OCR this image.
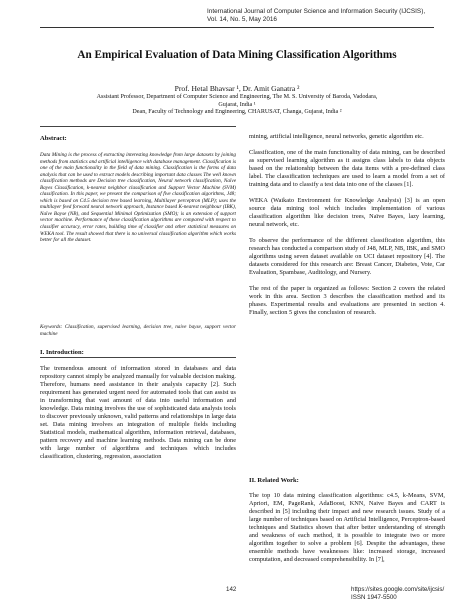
International Journal of Computer Science and Information Security (IJCSIS),
Vol. 14, No. 5, May 2016
An Empirical Evaluation of Data Mining Classification Algorithms
Prof. Hetal Bhavsar ¹, Dr. Amit Ganatra ²
Assistant Professor, Department of Computer Science and Engineering, The M. S. University of Baroda, Vadodara,
Gujarat, India ¹
Dean, Faculty of Technology and Engineering, CHARUSAT, Changa, Gujarat, India ²
Abstract:
Data Mining is the process of extracting interesting knowledge from large datasets by joining methods from statistics and artificial intelligence with database management. Classification is one of the main functionality in the field of data mining. Classification is the forms of data analysis that can be used to extract models describing important data classes The well known classification methods are Decision tree classification, Neural network classification, Naïve Bayes Classification, k-nearest neighbor classification and Support Vector Machine (SVM) classification. In this paper, we present the comparison of five classification algorithms, J48; which is based on C4.5 decision tree based learning, Multilayer perceptron (MLP); uses the multilayer feed forward neural network approach, Instance based K-nearest neighbour (IBK), Naïve Bayse (NB), and Sequential Minimal Optimization (SMO); is an extension of support vector machine. Performance of these classification algorithms are compared with respect to classifier accuracy, error rates, building time of classifier and other statistical measures on WEKA tool. The result showed that there is no universal classification algorithm which works better for all the dataset.
Keywords: Classification, supervised learning, decision tree, naive bayse, support vector machine
I. Introduction:

The tremendous amount of information stored in databases and data repository cannot simply be analyzed manually for valuable decision making. Therefore, humans need assistance in their analysis capacity [2]. Such requirement has generated urgent need for automated tools that can assist us in transforming that vast amount of data into useful information and knowledge. Data mining involves the use of sophisticated data analysis tools to discover previously unknown, valid patterns and relationships in large data set. Data mining involves an integration of multiple fields including Statistical models, mathematical algorithm, information retrieval, databases, pattern recovery and machine learning methods. Data mining can be done with large number of algorithms and techniques which includes classification, clustering, regression, association

mining, artificial intelligence, neural networks, genetic algorithm etc.

Classification, one of the main functionality of data mining, can be described as supervised learning algorithm as it assigns class labels to data objects based on the relationship between the data items with a pre-defined class label. The classification techniques are used to learn a model from a set of training data and to classify a test data into one of the classes [1].

WEKA (Waikato Environment for Knowledge Analysis) [3] is an open source data mining tool which includes implementation of various classification algorithm like decision trees, Naïve Bayes, lazy learning, neural network, etc.

To observe the performance of the different classification algorithm, this research has conducted a comparison study of J48, MLP, NB, IBK, and SMO algorithms using seven dataset available on UCI dataset repository [4]. The datasets considered for this research are: Breast Cancer, Diabetes, Vote, Car Evaluation, Spambase, Auditology, and Nursery.

The rest of the paper is organized as follows: Section 2 covers the related work in this area. Section 3 describes the classification method and its phases. Experimental results and evaluations are presented in section 4. Finally, section 5 gives the conclusion of research.

II. Related Work:

The top 10 data mining classification algorithms: c4.5, k-Means, SVM, Apriori, EM, PageRank, AdaBoost, KNN, Naive Bayes and CART is described in [5] including their impact and new research issues. Study of a large number of techniques based on Artificial Intelligence, Perceptron-based techniques and Statistics shown that after better understanding of strength and weakness of each method, it is possible to integrate two or more algorithm together to solve a problem [6]. Despite the advantages, these ensemble methods have weaknesses like: increased storage, increased computation, and decreased comprehensibility. In [7],

142	https://sites.google.com/site/ijcsis/
ISSN 1947-5500
